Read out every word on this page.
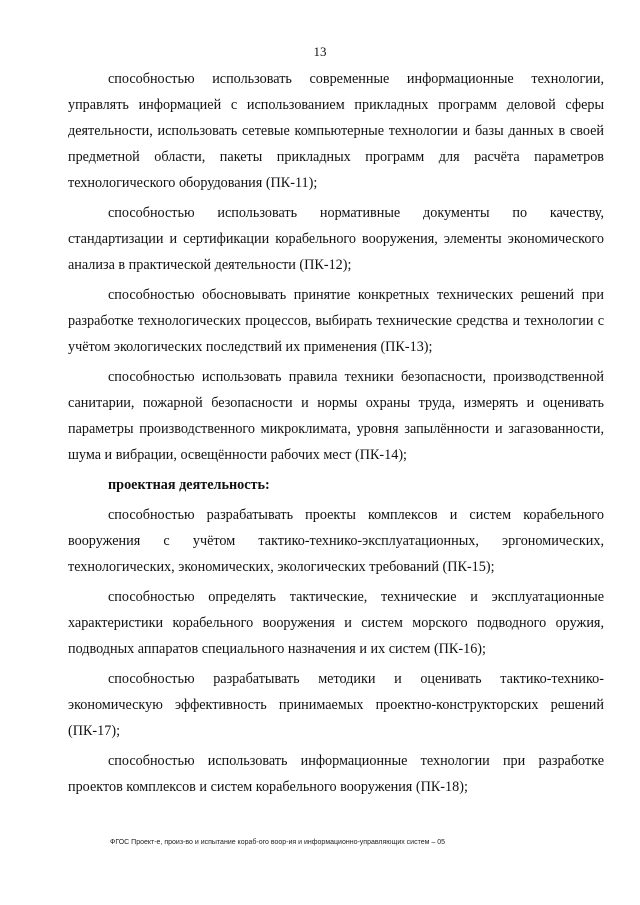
13

способностью использовать современные информационные технологии, управлять информацией с использованием прикладных программ деловой сферы деятельности, использовать сетевые компьютерные технологии и базы данных в своей предметной области, пакеты прикладных программ для расчёта параметров технологического оборудования (ПК-11);

способностью использовать нормативные документы по качеству, стандартизации и сертификации корабельного вооружения, элементы экономического анализа в практической деятельности (ПК-12);

способностью обосновывать принятие конкретных технических решений при разработке технологических процессов, выбирать технические средства и технологии с учётом экологических последствий их применения (ПК-13);

способностью использовать правила техники безопасности, производственной санитарии, пожарной безопасности и нормы охраны труда, измерять и оценивать параметры производственного микроклимата, уровня запылённости и загазованности, шума и вибрации, освещённости рабочих мест (ПК-14);

проектная деятельность:

способностью разрабатывать проекты комплексов и систем корабельного вооружения с учётом тактико-технико-эксплуатационных, эргономических, технологических, экономических, экологических требований (ПК-15);

способностью определять тактические, технические и эксплуатационные характеристики корабельного вооружения и систем морского подводного оружия, подводных аппаратов специального назначения и их систем (ПК-16);

способностью разрабатывать методики и оценивать тактико-технико-экономическую эффективность принимаемых проектно-конструкторских решений (ПК-17);

способностью использовать информационные технологии при разработке проектов комплексов и систем корабельного вооружения (ПК-18);

ФГОС Проект-е, произ-во и испытание кораб-ого воор-ия и информационно-управляющих систем – 05
